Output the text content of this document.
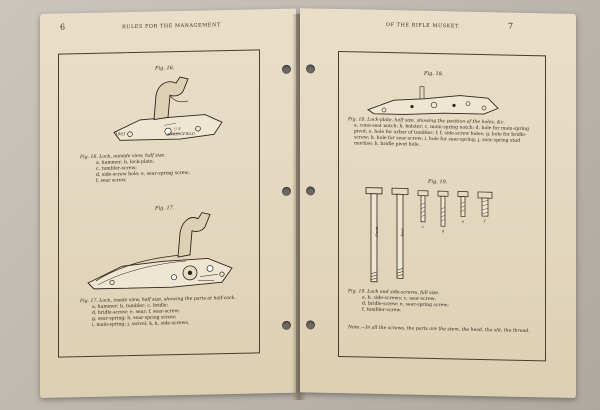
6	RULES FOR THE MANAGEMENT
Fig. 16.
1861
U S
SPRINGFIELD
Fig. 16. Lock, outside view, half size.
a, hammer; b, lock-plate;
c, tumbler-screw;
d, side-screw hole; e, sear-spring screw;
f, sear screw.
Fig. 17.
Fig. 17. Lock, inside view, half size, showing the parts at half-cock.
a, hammer; b, tumbler; c, bridle;
d, bridle-screw; e, sear; f, sear-screw;
g, sear-spring; h, sear-spring screw;
i, main-spring; j, swivel; k, k, side-screws.
OF THE RIFLE MUSKET.	7
Fig. 18.
Fig. 18. Lock-plate, half size, showing the position of the holes, &c.
a, cone-seat notch; b, bolster; c, main-spring notch; d, hole for main-spring pivot; e, hole for arbor of tumbler; f, f, side-screw holes; g, hole for bridle-screw; h, hole for sear-screw; i, hole for sear-spring; j, sear-spring stud mortise; k, bridle pivot hole.
Fig. 19.
Front	Rear
c
d
e	f
Fig. 19. Lock and side-screws, full size.
a, b, side-screws; c, sear-screw;
d, bridle-screw; e, sear-spring screw;
f, tumbler-screw.
Note.—In all the screws, the parts are the stem, the head, the slit, the thread.
